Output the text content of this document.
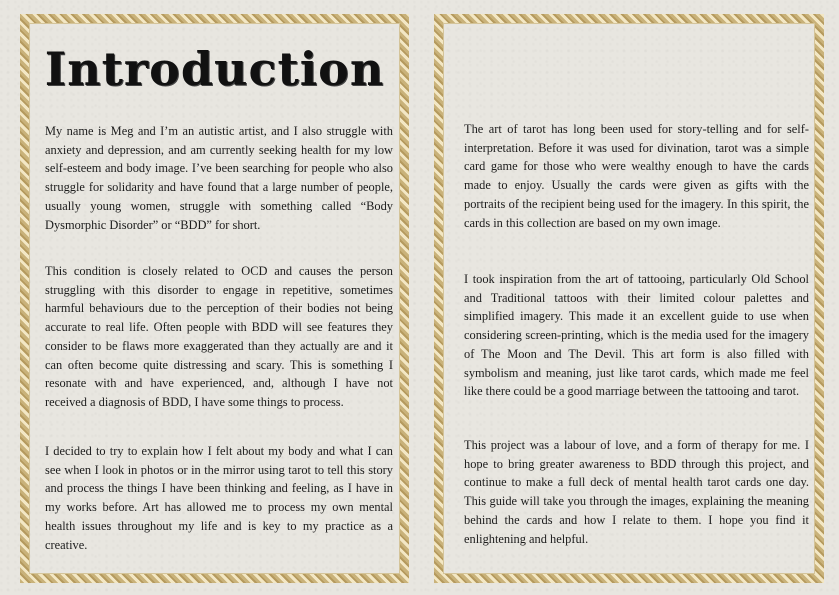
Introduction

My name is Meg and I’m an autistic artist, and I also struggle with anxiety and depression, and am currently seeking health for my low self-esteem and body image. I’ve been searching for people who also struggle for solidarity and have found that a large number of people, usually young women, struggle with something called “Body Dysmorphic Disorder” or “BDD” for short.

This condition is closely related to OCD and causes the person struggling with this disorder to engage in repetitive, sometimes harmful behaviours due to the perception of their bodies not being accurate to real life. Often people with BDD will see features they consider to be flaws more exaggerated than they actually are and it can often become quite distressing and scary. This is something I resonate with and have experienced, and, although I have not received a diagnosis of BDD, I have some things to process.

I decided to try to explain how I felt about my body and what I can see when I look in photos or in the mirror using tarot to tell this story and process the things I have been thinking and feeling, as I have in my works before. Art has allowed me to process my own mental health issues throughout my life and is key to my practice as a creative.

The art of tarot has long been used for story-telling and for self-interpretation. Before it was used for divination, tarot was a simple card game for those who were wealthy enough to have the cards made to enjoy. Usually the cards were given as gifts with the portraits of the recipient being used for the imagery. In this spirit, the cards in this collection are based on my own image.

I took inspiration from the art of tattooing, particularly Old School and Traditional tattoos with their limited colour palettes and simplified imagery. This made it an excellent guide to use when considering screen-printing, which is the media used for the imagery of The Moon and The Devil. This art form is also filled with symbolism and meaning, just like tarot cards, which made me feel like there could be a good marriage between the tattooing and tarot.

This project was a labour of love, and a form of therapy for me. I hope to bring greater awareness to BDD through this project, and continue to make a full deck of mental health tarot cards one day. This guide will take you through the images, explaining the meaning behind the cards and how I relate to them. I hope you find it enlightening and helpful.
